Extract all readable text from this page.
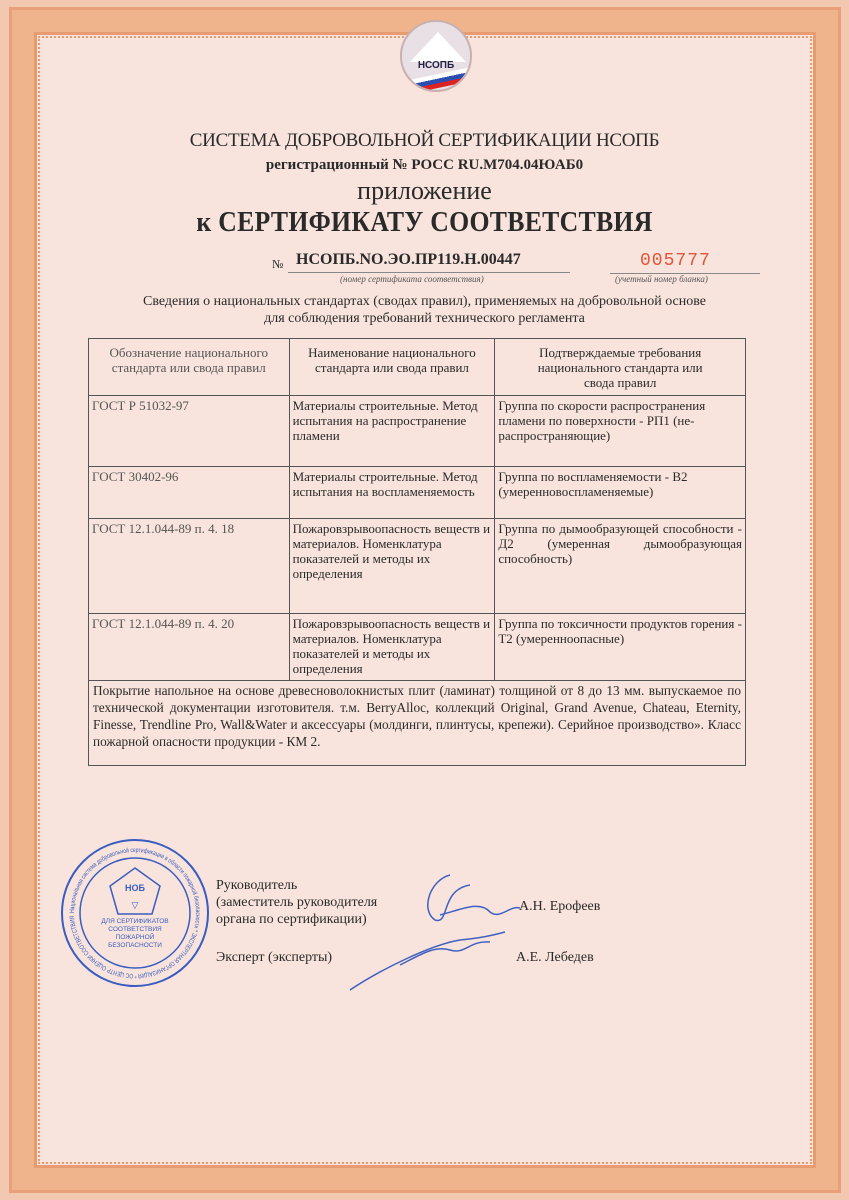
НСОПБ
СИСТЕМА ДОБРОВОЛЬНОЙ СЕРТИФИКАЦИИ НСОПБ
регистрационный № РОСС RU.М704.04ЮАБ0
приложение
к СЕРТИФИКАТУ СООТВЕТСТВИЯ
№ НСОПБ.NO.ЭО.ПР119.Н.00447
(номер сертификата соответствия)
005777
(учетный номер бланка)
Сведения о национальных стандартах (сводах правил), применяемых на добровольной основе
для соблюдения требований технического регламента
Обозначение национального стандарта или свода правил	Наименование национального стандарта или свода правил	Подтверждаемые требования национального стандарта или свода правил
ГОСТ Р 51032-97	Материалы строительные. Метод испытания на распространение пламени	Группа по скорости распространения пламени по поверхности - РП1 (не-распространяющие)
ГОСТ 30402-96	Материалы строительные. Метод испытания на воспламеняемость	Группа по воспламеняемости - В2 (умеренновоспламеняемые)
ГОСТ 12.1.044-89 п. 4. 18	Пожаровзрывоопасность веществ и материалов. Номенклатура показателей и методы их определения	Группа по дымообразующей способности - Д2 (умеренная дымообразующая способность)
ГОСТ 12.1.044-89 п. 4. 20	Пожаровзрывоопасность веществ и материалов. Номенклатура показателей и методы их определения	Группа по токсичности продуктов горения - Т2 (умеренноопасные)
Покрытие напольное на основе древесноволокнистых плит (ламинат) толщиной от 8 до 13 мм. выпускаемое по технической документации изготовителя. т.м. BerryAlloc, коллекций Original, Grand Avenue, Chateau, Eternity, Finesse, Trendline Pro, Wall&Water и аксессуары (молдинги, плинтусы, крепежи). Серийное производство». Класс пожарной опасности продукции - КМ 2.
Национальная система добровольной сертификации в области пожарной безопасности * ЭКСПЕРТНАЯ ОРГАНИЗАЦИЯ * ОС ЦЕНТР ОЦЕНКИ СООТВЕТСТВИЯ
НОБ
▽
ДЛЯ СЕРТИФИКАТОВ СООТВЕТСТВИЯ ПОЖАРНОЙ БЕЗОПАСНОСТИ
Руководитель
(заместитель руководителя
органа по сертификации)
А.Н. Ерофеев
Эксперт (эксперты)	А.Е. Лебедев
